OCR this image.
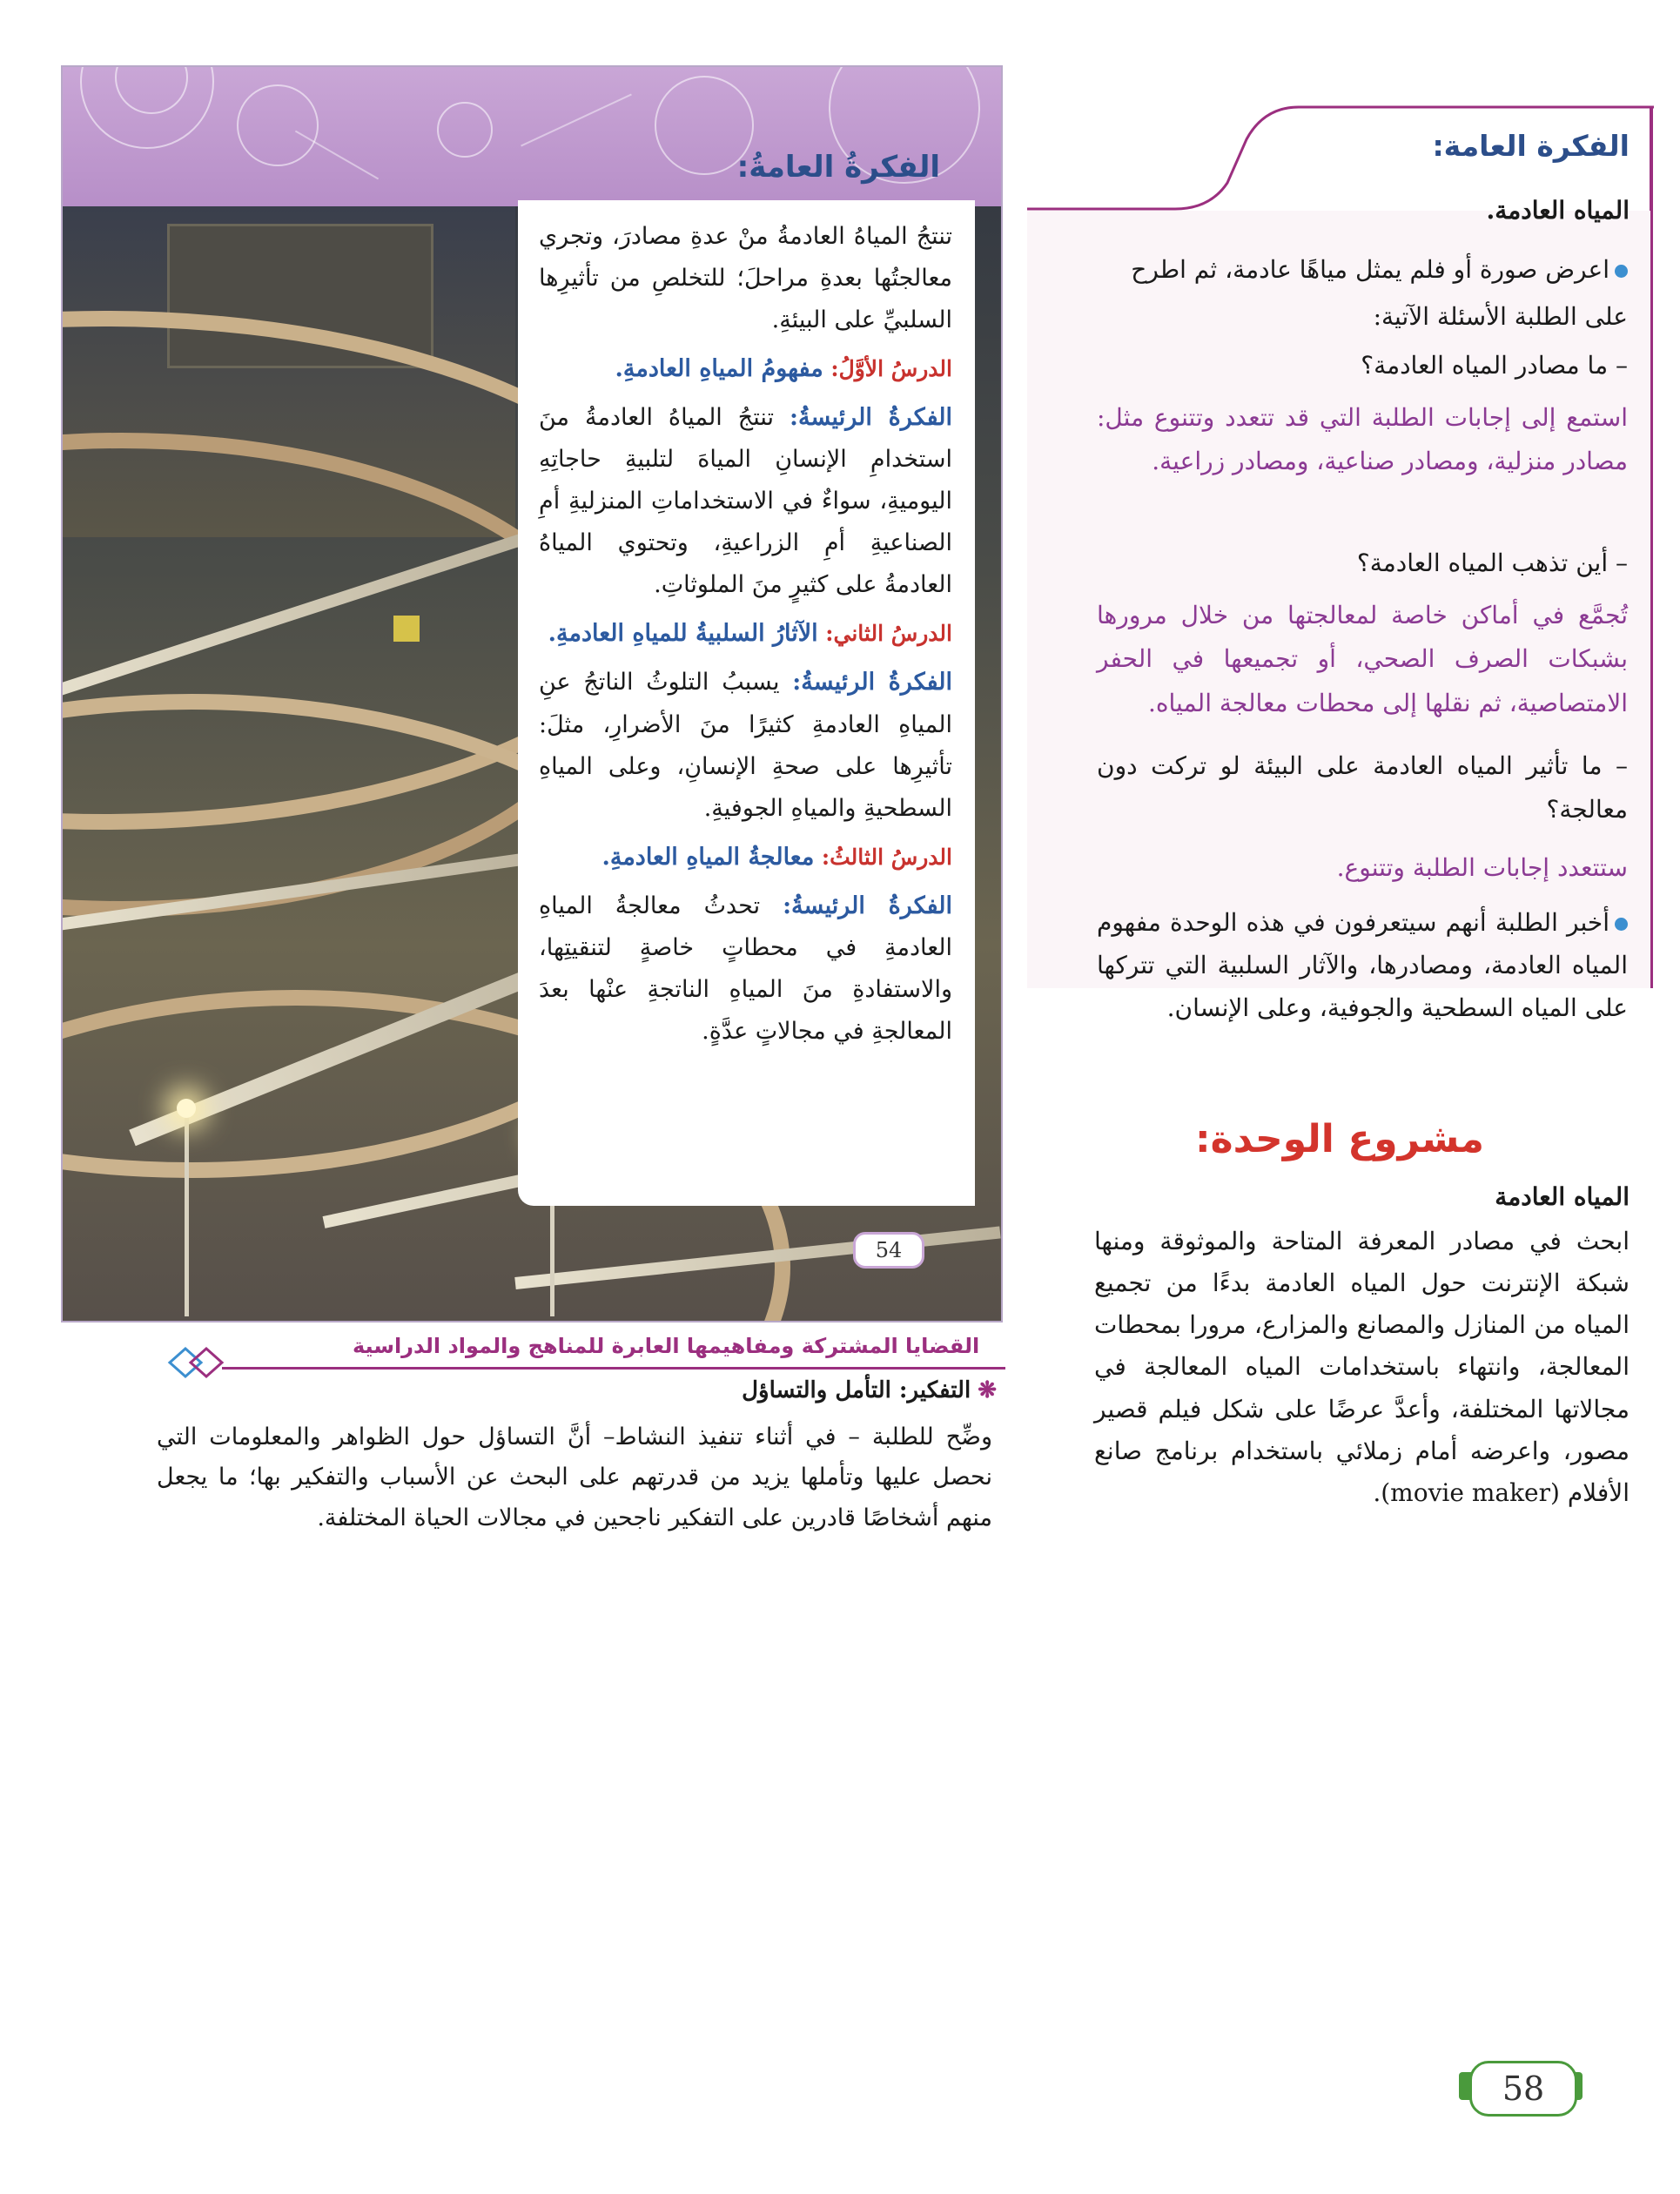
الفكرةُ العامةُ:

تنتجُ المياهُ العادمةُ منْ عدةِ مصادرَ، وتجري معالجتُها بعدةِ مراحلَ؛ للتخلصِ من تأثيرِها السلبيِّ على البيئةِ.

الدرسُ الأوَّلُ: مفهومُ المياهِ العادمةِ.

الفكرةُ الرئيسةُ: تنتجُ المياهُ العادمةُ منَ استخدامِ الإنسانِ المياهَ لتلبيةِ حاجاتِهِ اليوميةِ، سواءٌ في الاستخداماتِ المنزليةِ أمِ الصناعيةِ أمِ الزراعيةِ، وتحتوي المياهُ العادمةُ على كثيرٍ منَ الملوثاتِ.

الدرسُ الثاني: الآثارُ السلبيةُ للمياهِ العادمةِ.

الفكرةُ الرئيسةُ: يسببُ التلوثُ الناتجُ عنِ المياهِ العادمةِ كثيرًا منَ الأضرارِ، مثلَ: تأثيرِها على صحةِ الإنسانِ، وعلى المياهِ السطحيةِ والمياهِ الجوفيةِ.

الدرسُ الثالثُ: معالجةُ المياهِ العادمةِ.

الفكرةُ الرئيسةُ: تحدثُ معالجةُ المياهِ العادمةِ في محطاتٍ خاصةٍ لتنقيتِها، والاستفادةِ منَ المياهِ الناتجةِ عنْها بعدَ المعالجةِ في مجالاتٍ عدَّةٍ.

54
الفكرة العامة:
المياه العادمة.
اعرض صورة أو فلم يمثل مياهًا عادمة، ثم اطرح
على الطلبة الأسئلة الآتية:
– ما مصادر المياه العادمة؟
استمع إلى إجابات الطلبة التي قد تتعدد وتتنوع مثل: مصادر منزلية، ومصادر صناعية، ومصادر زراعية.
– أين تذهب المياه العادمة؟
تُجمَّع في أماكن خاصة لمعالجتها من خلال مرورها بشبكات الصرف الصحي، أو تجميعها في الحفر الامتصاصية، ثم نقلها إلى محطات معالجة المياه.
– ما تأثير المياه العادمة على البيئة لو تركت دون معالجة؟
ستتعدد إجابات الطلبة وتتنوع.
أخبر الطلبة أنهم سيتعرفون في هذه الوحدة مفهوم المياه العادمة، ومصادرها، والآثار السلبية التي تتركها على المياه السطحية والجوفية، وعلى الإنسان.
مشروع الوحدة:
المياه العادمة
ابحث في مصادر المعرفة المتاحة والموثوقة ومنها شبكة الإنترنت حول المياه العادمة بدءًا من تجميع المياه من المنازل والمصانع والمزارع، مرورا بمحطات المعالجة، وانتهاء باستخدامات المياه المعالجة في مجالاتها المختلفة، وأعدَّ عرضًا على شكل فيلم قصير مصور، واعرضه أمام زملائي باستخدام برنامج صانع الأفلام (movie maker).
القضايا المشتركة ومفاهيمها العابرة للمناهج والمواد الدراسية
❋التفكير: التأمل والتساؤل
وضِّح للطلبة – في أثناء تنفيذ النشاط– أنَّ التساؤل حول الظواهر والمعلومات التي نحصل عليها وتأملها يزيد من قدرتهم على البحث عن الأسباب والتفكير بها؛ ما يجعل منهم أشخاصًا قادرين على التفكير ناجحين في مجالات الحياة المختلفة.
58
